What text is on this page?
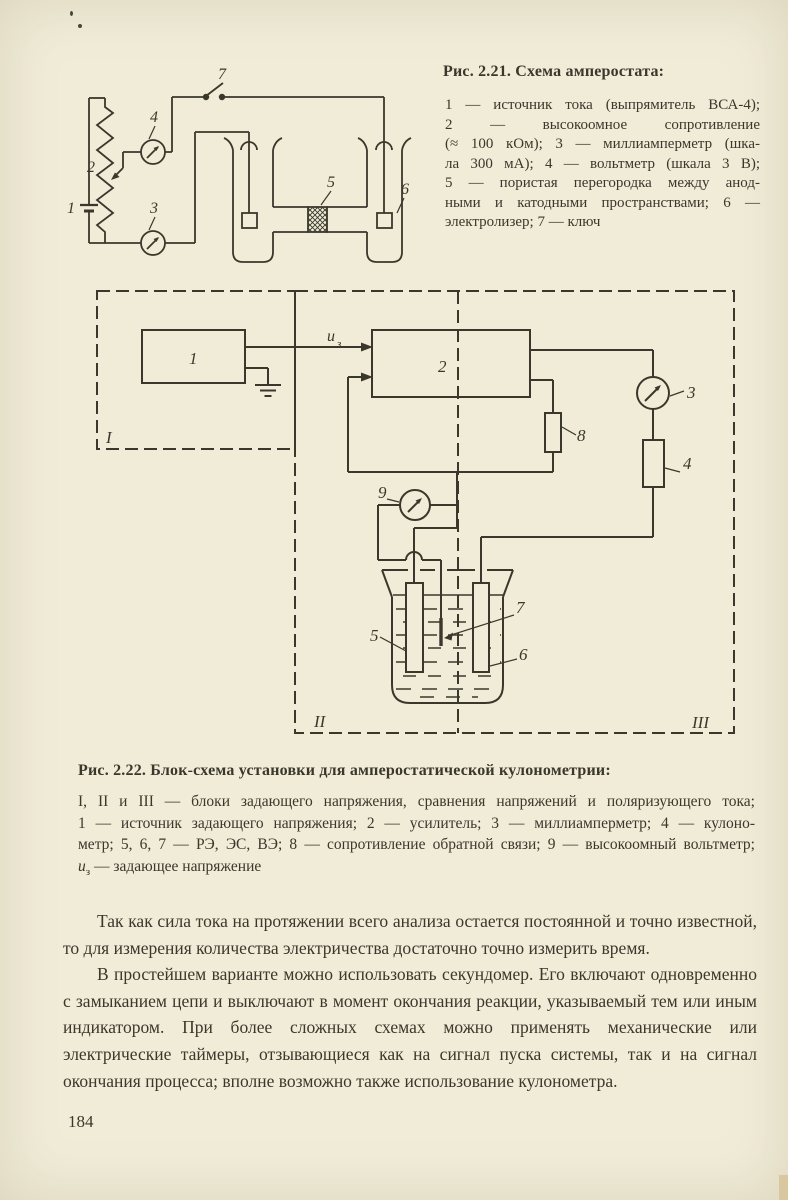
1
2
3
4
5	6
7	Рис. 2.21. Схема амперостата:
1 — источник тока (выпрямитель ВСА-4);
2 — высокоомное сопротивление
(≈ 100 кОм); 3 — миллиамперметр (шка-
ла 300 мА); 4 — вольтметр (шкала 3 В);
5 — пористая перегородка между анод-
ными и катодными пространствами; 6 —
электролизер; 7 — ключ
I
II	III
1	2
3
4
8
9
5
7
6
u з
Рис. 2.22. Блок-схема установки для амперостатической кулонометрии:
I, II и III — блоки задающего напряжения, сравнения напряжений и поляризующего тока;
1 — источник задающего напряжения; 2 — усилитель; 3 — миллиамперметр; 4 — кулоно-
метр; 5, 6, 7 — РЭ, ЭС, ВЭ; 8 — сопротивление обратной связи; 9 — высокоомный вольтметр;
$u_з$ — задающее напряжение

Так как сила тока на протяжении всего анализа остается постоянной и точно известной, то для измерения количества электричества достаточно точно измерить время.

В простейшем варианте можно использовать секундомер. Его включают одновременно с замыканием цепи и выключают в момент окончания реакции, указываемый тем или иным индикатором. При более сложных схемах можно применять механические или электрические таймеры, отзывающиеся как на сигнал пуска системы, так и на сигнал окончания процесса; вполне возможно также использование кулонометра.

184
